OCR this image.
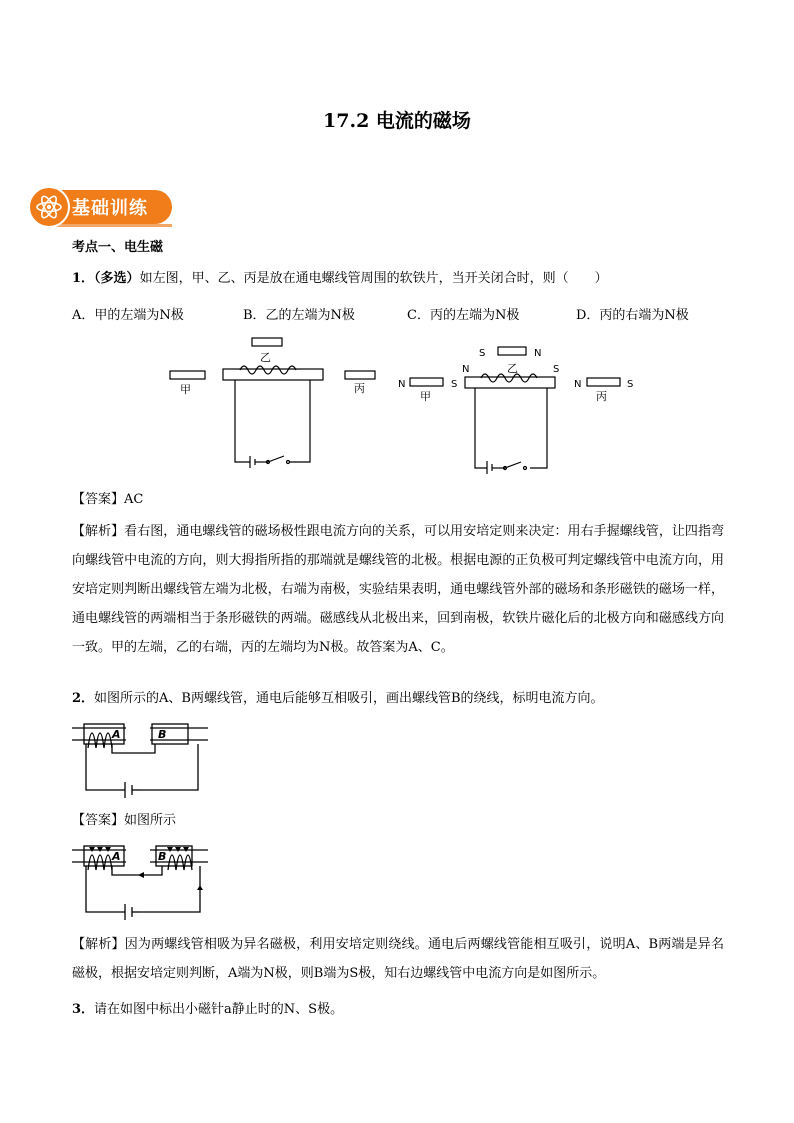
17.2 电流的磁场
基础训练
考点一、电生磁
1．（多选）如左图，甲、乙、丙是放在通电螺线管周围的软铁片，当开关闭合时，则（　　）
A．甲的左端为N极	B．乙的左端为N极	C．丙的左端为N极	D．丙的右端为N极
甲
乙
丙
S	N
乙
N	S
N	S	N	S
甲	丙
【答案】AC
【解析】看右图，通电螺线管的磁场极性跟电流方向的关系，可以用安培定则来决定：用右手握螺线管，让四指弯向螺线管中电流的方向，则大拇指所指的那端就是螺线管的北极。根据电源的正负极可判定螺线管中电流方向，用安培定则判断出螺线管左端为北极，右端为南极，实验结果表明，通电螺线管外部的磁场和条形磁铁的磁场一样，通电螺线管的两端相当于条形磁铁的两端。磁感线从北极出来，回到南极，软铁片磁化后的北极方向和磁感线方向一致。甲的左端，乙的右端，丙的左端均为N极。故答案为A、C。
2．如图所示的A、B两螺线管，通电后能够互相吸引，画出螺线管B的绕线，标明电流方向。
A	B
【答案】如图所示
A	B
【解析】因为两螺线管相吸为异名磁极，利用安培定则绕线。通电后两螺线管能相互吸引，说明A、B两端是异名磁极，根据安培定则判断，A端为N极，则B端为S极，知右边螺线管中电流方向是如图所示。
3．请在如图中标出小磁针a静止时的N、S极。
